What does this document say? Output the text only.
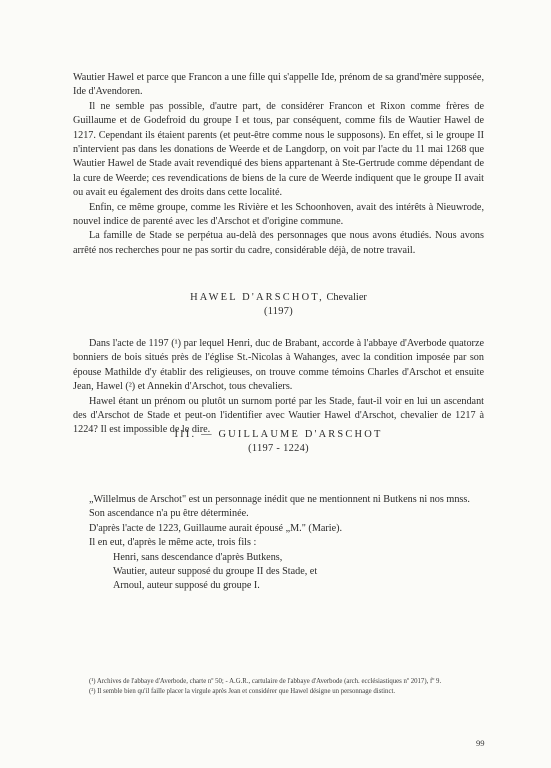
Wautier Hawel et parce que Francon a une fille qui s'appelle Ide, prénom de sa grand'mère supposée, Ide d'Avendoren.

Il ne semble pas possible, d'autre part, de considérer Francon et Rixon comme frères de Guillaume et de Godefroid du groupe I et tous, par conséquent, comme fils de Wautier Hawel de 1217. Cependant ils étaient parents (et peut-être comme nous le supposons). En effet, si le groupe II n'intervient pas dans les donations de Weerde et de Langdorp, on voit par l'acte du 11 mai 1268 que Wautier Hawel de Stade avait revendiqué des biens appartenant à Ste-Gertrude comme dépendant de la cure de Weerde; ces revendications de biens de la cure de Weerde indiquent que le groupe II avait ou avait eu également des droits dans cette localité.

Enfin, ce même groupe, comme les Rivière et les Schoonhoven, avait des intérêts à Nieuwrode, nouvel indice de parenté avec les d'Arschot et d'origine commune.

La famille de Stade se perpétua au-delà des personnages que nous avons étudiés. Nous avons arrêté nos recherches pour ne pas sortir du cadre, considérable déjà, de notre travail.

HAWEL D'ARSCHOT, Chevalier
(1197)

Dans l'acte de 1197 (¹) par lequel Henri, duc de Brabant, accorde à l'abbaye d'Averbode quatorze bonniers de bois situés près de l'église St.-Nicolas à Wahanges, avec la condition imposée par son épouse Mathilde d'y établir des religieuses, on trouve comme témoins Charles d'Arschot et ensuite Jean, Hawel (²) et Annekin d'Arschot, tous chevaliers.

Hawel étant un prénom ou plutôt un surnom porté par les Stade, faut-il voir en lui un ascendant des d'Arschot de Stade et peut-on l'identifier avec Wautier Hawel d'Arschot, chevalier de 1217 à 1224? Il est impossible de le dire.

III. — GUILLAUME D'ARSCHOT
(1197 - 1224)

„Willelmus de Arschot" est un personnage inédit que ne mentionnent ni Butkens ni nos mnss.

Son ascendance n'a pu être déterminée.

D'après l'acte de 1223, Guillaume aurait épousé „M." (Marie).

Il en eut, d'après le même acte, trois fils :

Henri, sans descendance d'après Butkens,

Wautier, auteur supposé du groupe II des Stade, et

Arnoul, auteur supposé du groupe I.

(¹) Archives de l'abbaye d'Averbode, charte nº 50; - A.G.R., cartulaire de l'abbaye d'Averbode (arch. ecclésiastiques nº 2017), fº 9.

(²) Il semble bien qu'il faille placer la virgule après Jean et considérer que Hawel désigne un personnage distinct.

99
